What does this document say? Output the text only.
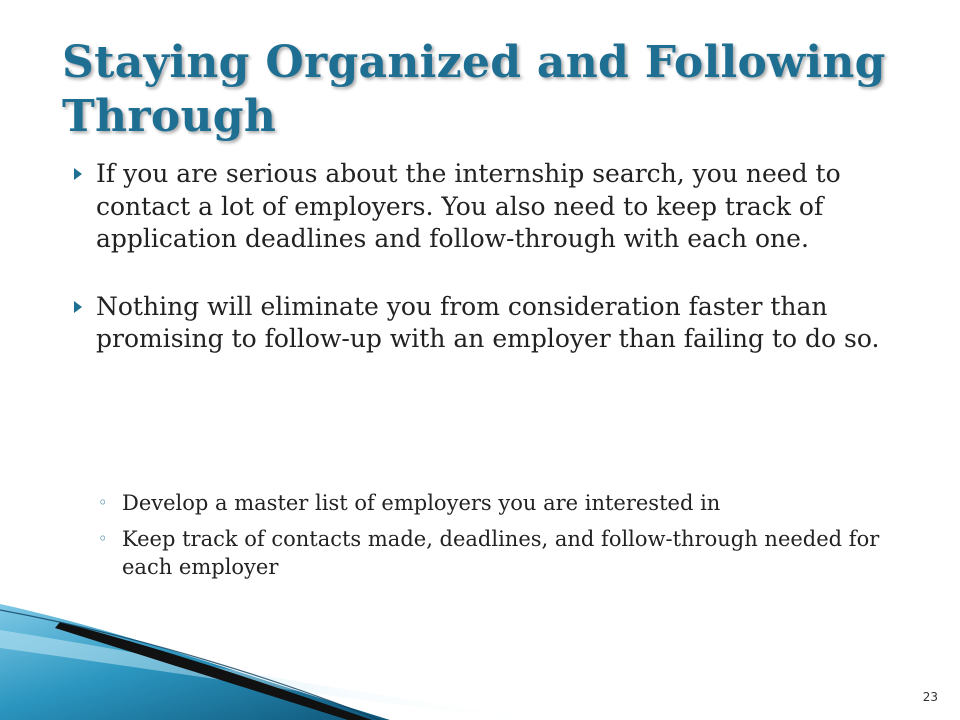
Staying Organized and Following Through
If you are serious about the internship search, you need to contact a lot of employers. You also need to keep track of application deadlines and follow-through with each one.
Nothing will eliminate you from consideration faster than promising to follow-up with an employer than failing to do so.
◦ Develop a master list of employers you are interested in
◦ Keep track of contacts made, deadlines, and follow-through needed for each employer
23
